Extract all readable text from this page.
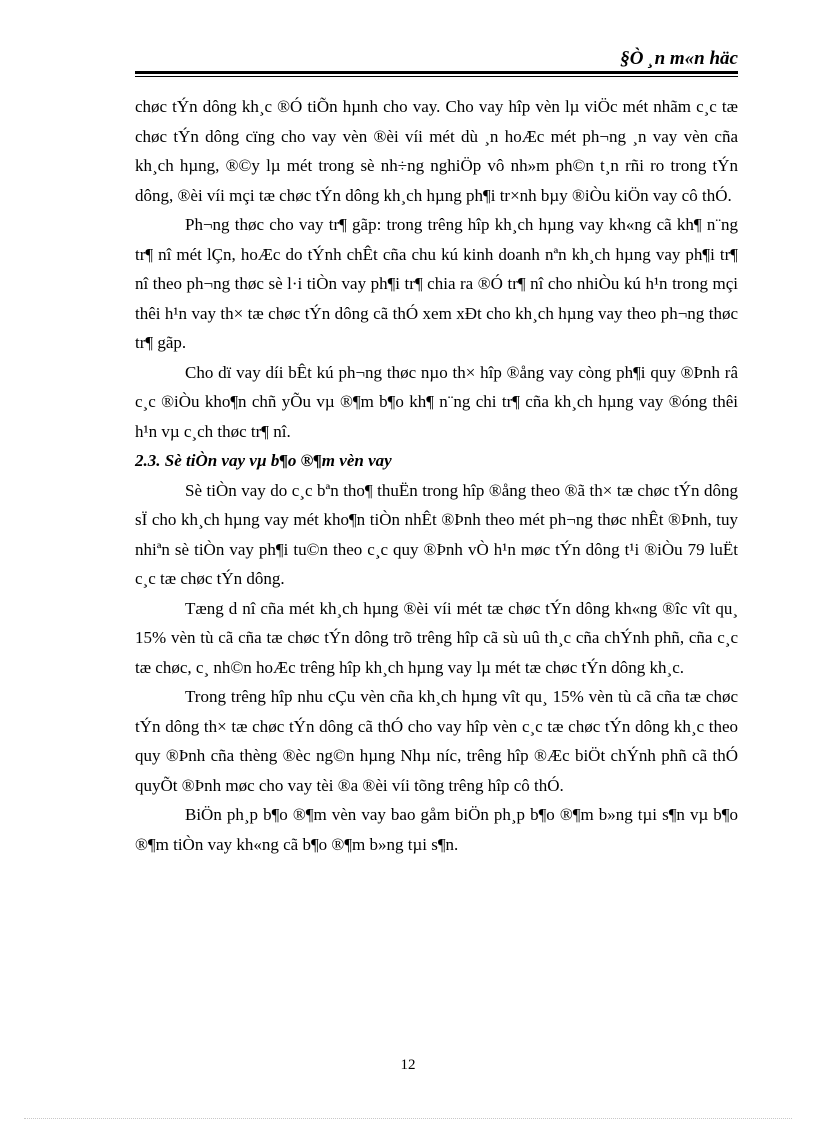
§Ò ¸n m«n häc

chøc tÝn dông kh¸c ®Ó tiÕn hµnh cho vay. Cho vay hîp vèn lµ viÖc mét nhãm c¸c tæ chøc tÝn dông cïng cho vay vèn ®èi víi mét dù ¸n hoÆc mét ph¬ng ¸n vay vèn cña kh¸ch hµng, ®©y lµ mét trong sè nh÷ng nghiÖp vô nh»m ph©n t¸n rñi ro trong tÝn dông, ®èi víi mçi tæ chøc tÝn dông kh¸ch hµng ph¶i tr×nh bµy ®iÒu kiÖn vay cô thÓ.

Ph¬ng thøc cho vay tr¶ gãp: trong trêng hîp kh¸ch hµng vay kh«ng cã kh¶ n¨ng tr¶ nî mét lÇn, hoÆc do tÝnh chÊt cña chu kú kinh doanh nªn kh¸ch hµng vay ph¶i tr¶ nî theo ph¬ng thøc sè l·i tiÒn vay ph¶i tr¶ chia ra ®Ó tr¶ nî cho nhiÒu kú h¹n trong mçi thêi h¹n vay th× tæ chøc tÝn dông cã thÓ xem xÐt cho kh¸ch hµng vay theo ph¬ng thøc tr¶ gãp.

Cho dï vay díi bÊt kú ph¬ng thøc nµo th× hîp ®ång vay còng ph¶i quy ®Þnh râ c¸c ®iÒu kho¶n chñ yÕu vµ ®¶m b¶o kh¶ n¨ng chi tr¶ cña kh¸ch hµng vay ®óng thêi h¹n vµ c¸ch thøc tr¶ nî.

2.3. Sè tiÒn vay vµ b¶o ®¶m vèn vay

Sè tiÒn vay do c¸c bªn tho¶ thuËn trong hîp ®ång theo ®ã th× tæ chøc tÝn dông sÏ cho kh¸ch hµng vay mét kho¶n tiÒn nhÊt ®Þnh theo mét ph¬ng thøc nhÊt ®Þnh, tuy nhiªn sè tiÒn vay ph¶i tu©n theo c¸c quy ®Þnh vÒ h¹n møc tÝn dông t¹i ®iÒu 79 luËt c¸c tæ chøc tÝn dông.

Tæng d nî cña mét kh¸ch hµng ®èi víi mét tæ chøc tÝn dông kh«ng ®îc vît qu¸ 15% vèn tù cã cña tæ chøc tÝn dông trõ trêng hîp cã sù uû th¸c cña chÝnh phñ, cña c¸c tæ chøc, c¸ nh©n hoÆc trêng hîp kh¸ch hµng vay lµ mét tæ chøc tÝn dông kh¸c.

Trong trêng hîp nhu cÇu vèn cña kh¸ch hµng vît qu¸ 15% vèn tù cã cña tæ chøc tÝn dông th× tæ chøc tÝn dông cã thÓ cho vay hîp vèn c¸c tæ chøc tÝn dông kh¸c theo quy ®Þnh cña thèng ®èc ng©n hµng Nhµ níc, trêng hîp ®Æc biÖt chÝnh phñ cã thÓ quyÕt ®Þnh møc cho vay tèi ®a ®èi víi tõng trêng hîp cô thÓ.

BiÖn ph¸p b¶o ®¶m vèn vay bao gåm biÖn ph¸p b¶o ®¶m b»ng tµi s¶n vµ b¶o ®¶m tiÒn vay kh«ng cã b¶o ®¶m b»ng tµi s¶n.

12
